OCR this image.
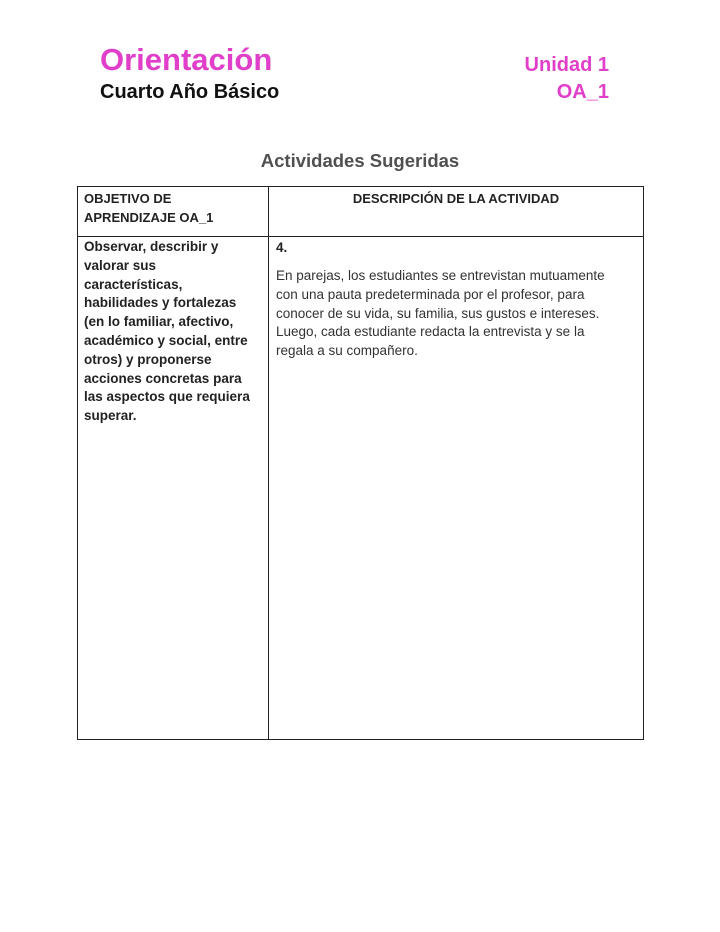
Orientación
Cuarto Año Básico
Unidad 1
OA_1
Actividades Sugeridas
OBJETIVO DE
APRENDIZAJE OA_1
DESCRIPCIÓN DE LA ACTIVIDAD
Observar, describir y
valorar sus
características,
habilidades y fortalezas
(en lo familiar, afectivo,
académico y social, entre
otros) y proponerse
acciones concretas para
las aspectos que requiera
superar.
4.
En parejas, los estudiantes se entrevistan mutuamente
con una pauta predeterminada por el profesor, para
conocer de su vida, su familia, sus gustos e intereses.
Luego, cada estudiante redacta la entrevista y se la
regala a su compañero.
